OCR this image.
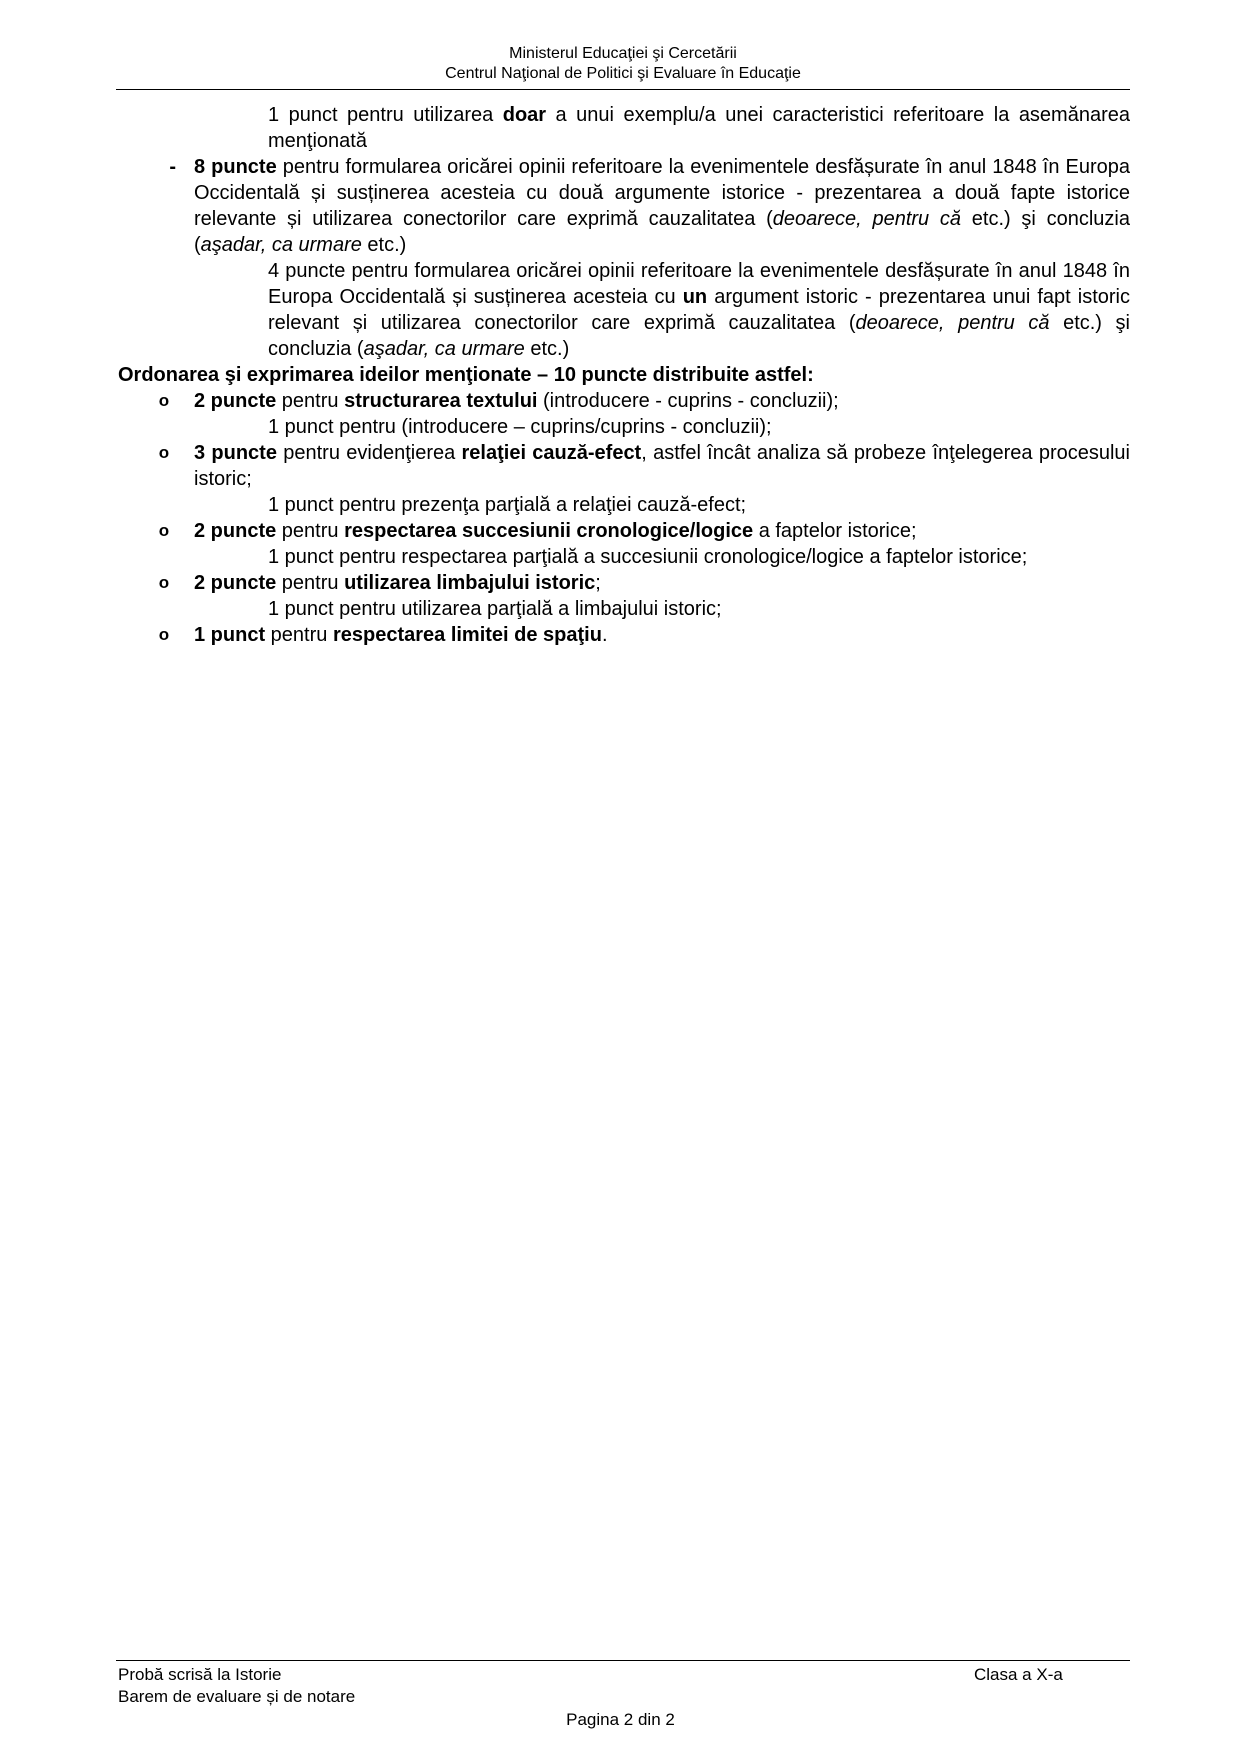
Ministerul Educaţiei şi Cercetării
Centrul Naţional de Politici şi Evaluare în Educaţie
1 punct pentru utilizarea doar a unui exemplu/a unei caracteristici referitoare la asemănarea menţionată
- 8 puncte pentru formularea oricărei opinii referitoare la evenimentele desfășurate în anul 1848 în Europa Occidentală și susținerea acesteia cu două argumente istorice - prezentarea a două fapte istorice relevante și utilizarea conectorilor care exprimă cauzalitatea (deoarece, pentru că etc.) şi concluzia (aşadar, ca urmare etc.)
4 puncte pentru formularea oricărei opinii referitoare la evenimentele desfășurate în anul 1848 în Europa Occidentală și susținerea acesteia cu un argument istoric - prezentarea unui fapt istoric relevant și utilizarea conectorilor care exprimă cauzalitatea (deoarece, pentru că etc.) şi concluzia (aşadar, ca urmare etc.)
Ordonarea şi exprimarea ideilor menţionate – 10 puncte distribuite astfel:
o	2 puncte pentru structurarea textului (introducere - cuprins - concluzii);
1 punct pentru (introducere – cuprins/cuprins - concluzii);
o	3 puncte pentru evidenţierea relaţiei cauză-efect, astfel încât analiza să probeze înţelegerea procesului istoric;
1 punct pentru prezenţa parţială a relaţiei cauză-efect;
o	2 puncte pentru respectarea succesiunii cronologice/logice a faptelor istorice;
1 punct pentru respectarea parţială a succesiunii cronologice/logice a faptelor istorice;
o	2 puncte pentru utilizarea limbajului istoric;
1 punct pentru utilizarea parţială a limbajului istoric;
o	1 punct pentru respectarea limitei de spaţiu.
Probă scrisă la Istorie
Barem de evaluare și de notare
Clasa a X-a
Pagina 2 din 2
